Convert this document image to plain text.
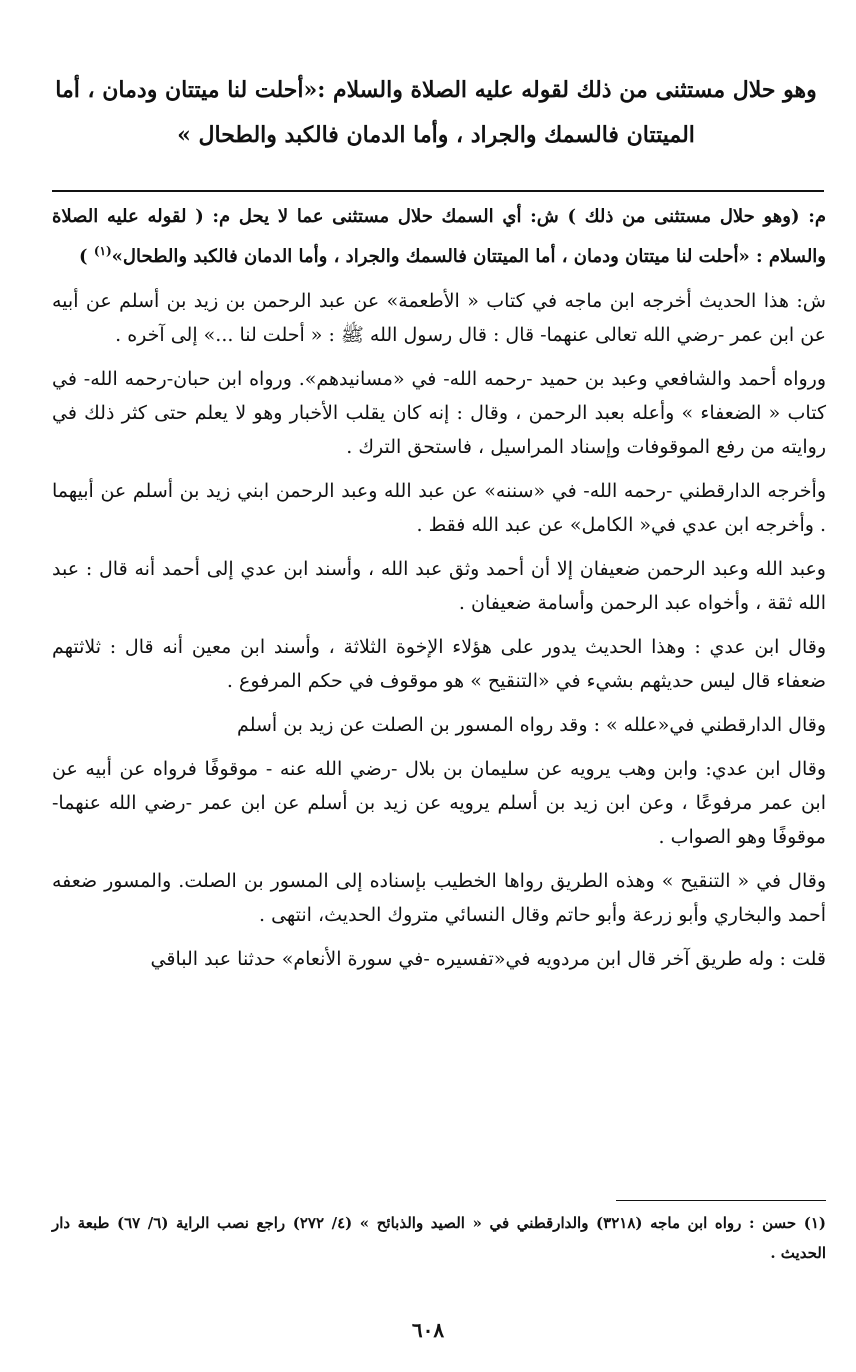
وهو حلال مستثنى من ذلك لقوله عليه الصلاة والسلام :«أحلت لنا ميتتان ودمان ، أما الميتتان فالسمك والجراد ، وأما الدمان فالكبد والطحال »

م: (وهو حلال مستثنى من ذلك ) ش: أي السمك حلال مستثنى عما لا يحل م: ( لقوله عليه الصلاة والسلام : «أحلت لنا ميتتان ودمان ، أما الميتتان فالسمك والجراد ، وأما الدمان فالكبد والطحال»$^{(١)}$ )

ش: هذا الحديث أخرجه ابن ماجه في كتاب « الأطعمة» عن عبد الرحمن بن زيد بن أسلم عن أبيه عن ابن عمر -رضي الله تعالى عنهما- قال : قال رسول الله ﷺ : « أحلت لنا ...» إلى آخره .

ورواه أحمد والشافعي وعبد بن حميد -رحمه الله- في «مسانيدهم». ورواه ابن حبان-رحمه الله- في كتاب « الضعفاء » وأعله بعبد الرحمن ، وقال : إنه كان يقلب الأخبار وهو لا يعلم حتى كثر ذلك في روايته من رفع الموقوفات وإسناد المراسيل ، فاستحق الترك .

وأخرجه الدارقطني -رحمه الله- في «سننه» عن عبد الله وعبد الرحمن ابني زيد بن أسلم عن أبيهما . وأخرجه ابن عدي في« الكامل» عن عبد الله فقط .

وعبد الله وعبد الرحمن ضعيفان إلا أن أحمد وثق عبد الله ، وأسند ابن عدي إلى أحمد أنه قال : عبد الله ثقة ، وأخواه عبد الرحمن وأسامة ضعيفان .

وقال ابن عدي : وهذا الحديث يدور على هؤلاء الإخوة الثلاثة ، وأسند ابن معين أنه قال : ثلاثتهم ضعفاء قال ليس حديثهم بشيء في «التنقيح » هو موقوف في حكم المرفوع .

وقال الدارقطني في«علله » : وقد رواه المسور بن الصلت عن زيد بن أسلم

وقال ابن عدي: وابن وهب يرويه عن سليمان بن بلال -رضي الله عنه - موقوفًا فرواه عن أبيه عن ابن عمر مرفوعًا ، وعن ابن زيد بن أسلم يرويه عن زيد بن أسلم عن ابن عمر -رضي الله عنهما- موقوفًا وهو الصواب .

وقال في « التنقيح » وهذه الطريق رواها الخطيب بإسناده إلى المسور بن الصلت. والمسور ضعفه أحمد والبخاري وأبو زرعة وأبو حاتم وقال النسائي متروك الحديث، انتهى .

قلت : وله طريق آخر قال ابن مردويه في«تفسيره -في سورة الأنعام» حدثنا عبد الباقي

(١) حسن : رواه ابن ماجه (٣٢١٨) والدارقطني في « الصيد والذبائح » (٤/ ٢٧٢) راجع نصب الراية (٦/ ٦٧) طبعة دار الحديث .
٦٠٨
